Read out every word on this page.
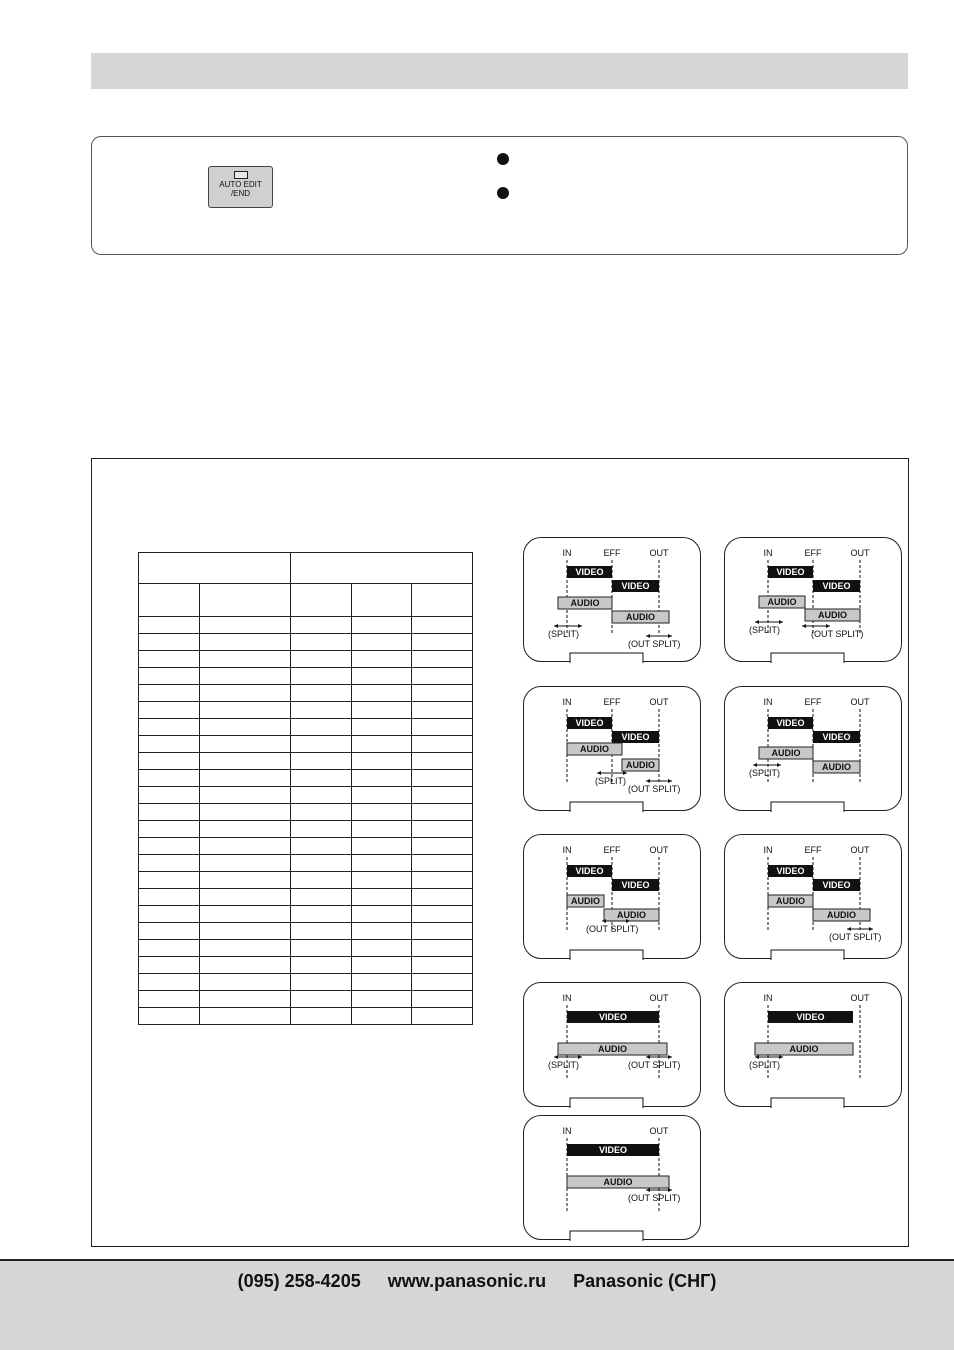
AUTO EDIT
/END

IN	EFF	OUT
VIDEO
VIDEO
AUDIO
AUDIO
(SPLIT)
(OUT SPLIT)
IN	EFF	OUT
VIDEO
VIDEO
AUDIO
AUDIO
(SPLIT)	(OUT SPLIT)
IN	EFF	OUT
VIDEO
VIDEO
AUDIO
AUDIO
(SPLIT)
(OUT SPLIT)
IN	EFF	OUT
VIDEO
VIDEO
AUDIO
AUDIO
(SPLIT)
IN	EFF	OUT
VIDEO
VIDEO
AUDIO
AUDIO
(OUT SPLIT)
IN	EFF	OUT
VIDEO
VIDEO
AUDIO
AUDIO
(OUT SPLIT)
IN	OUT
VIDEO
AUDIO
(SPLIT)	(OUT SPLIT)
IN	OUT
VIDEO
AUDIO
(SPLIT)
IN	OUT
VIDEO
AUDIO
(OUT SPLIT)
(095) 258-4205 www.panasonic.ru Panasonic (СНГ)
